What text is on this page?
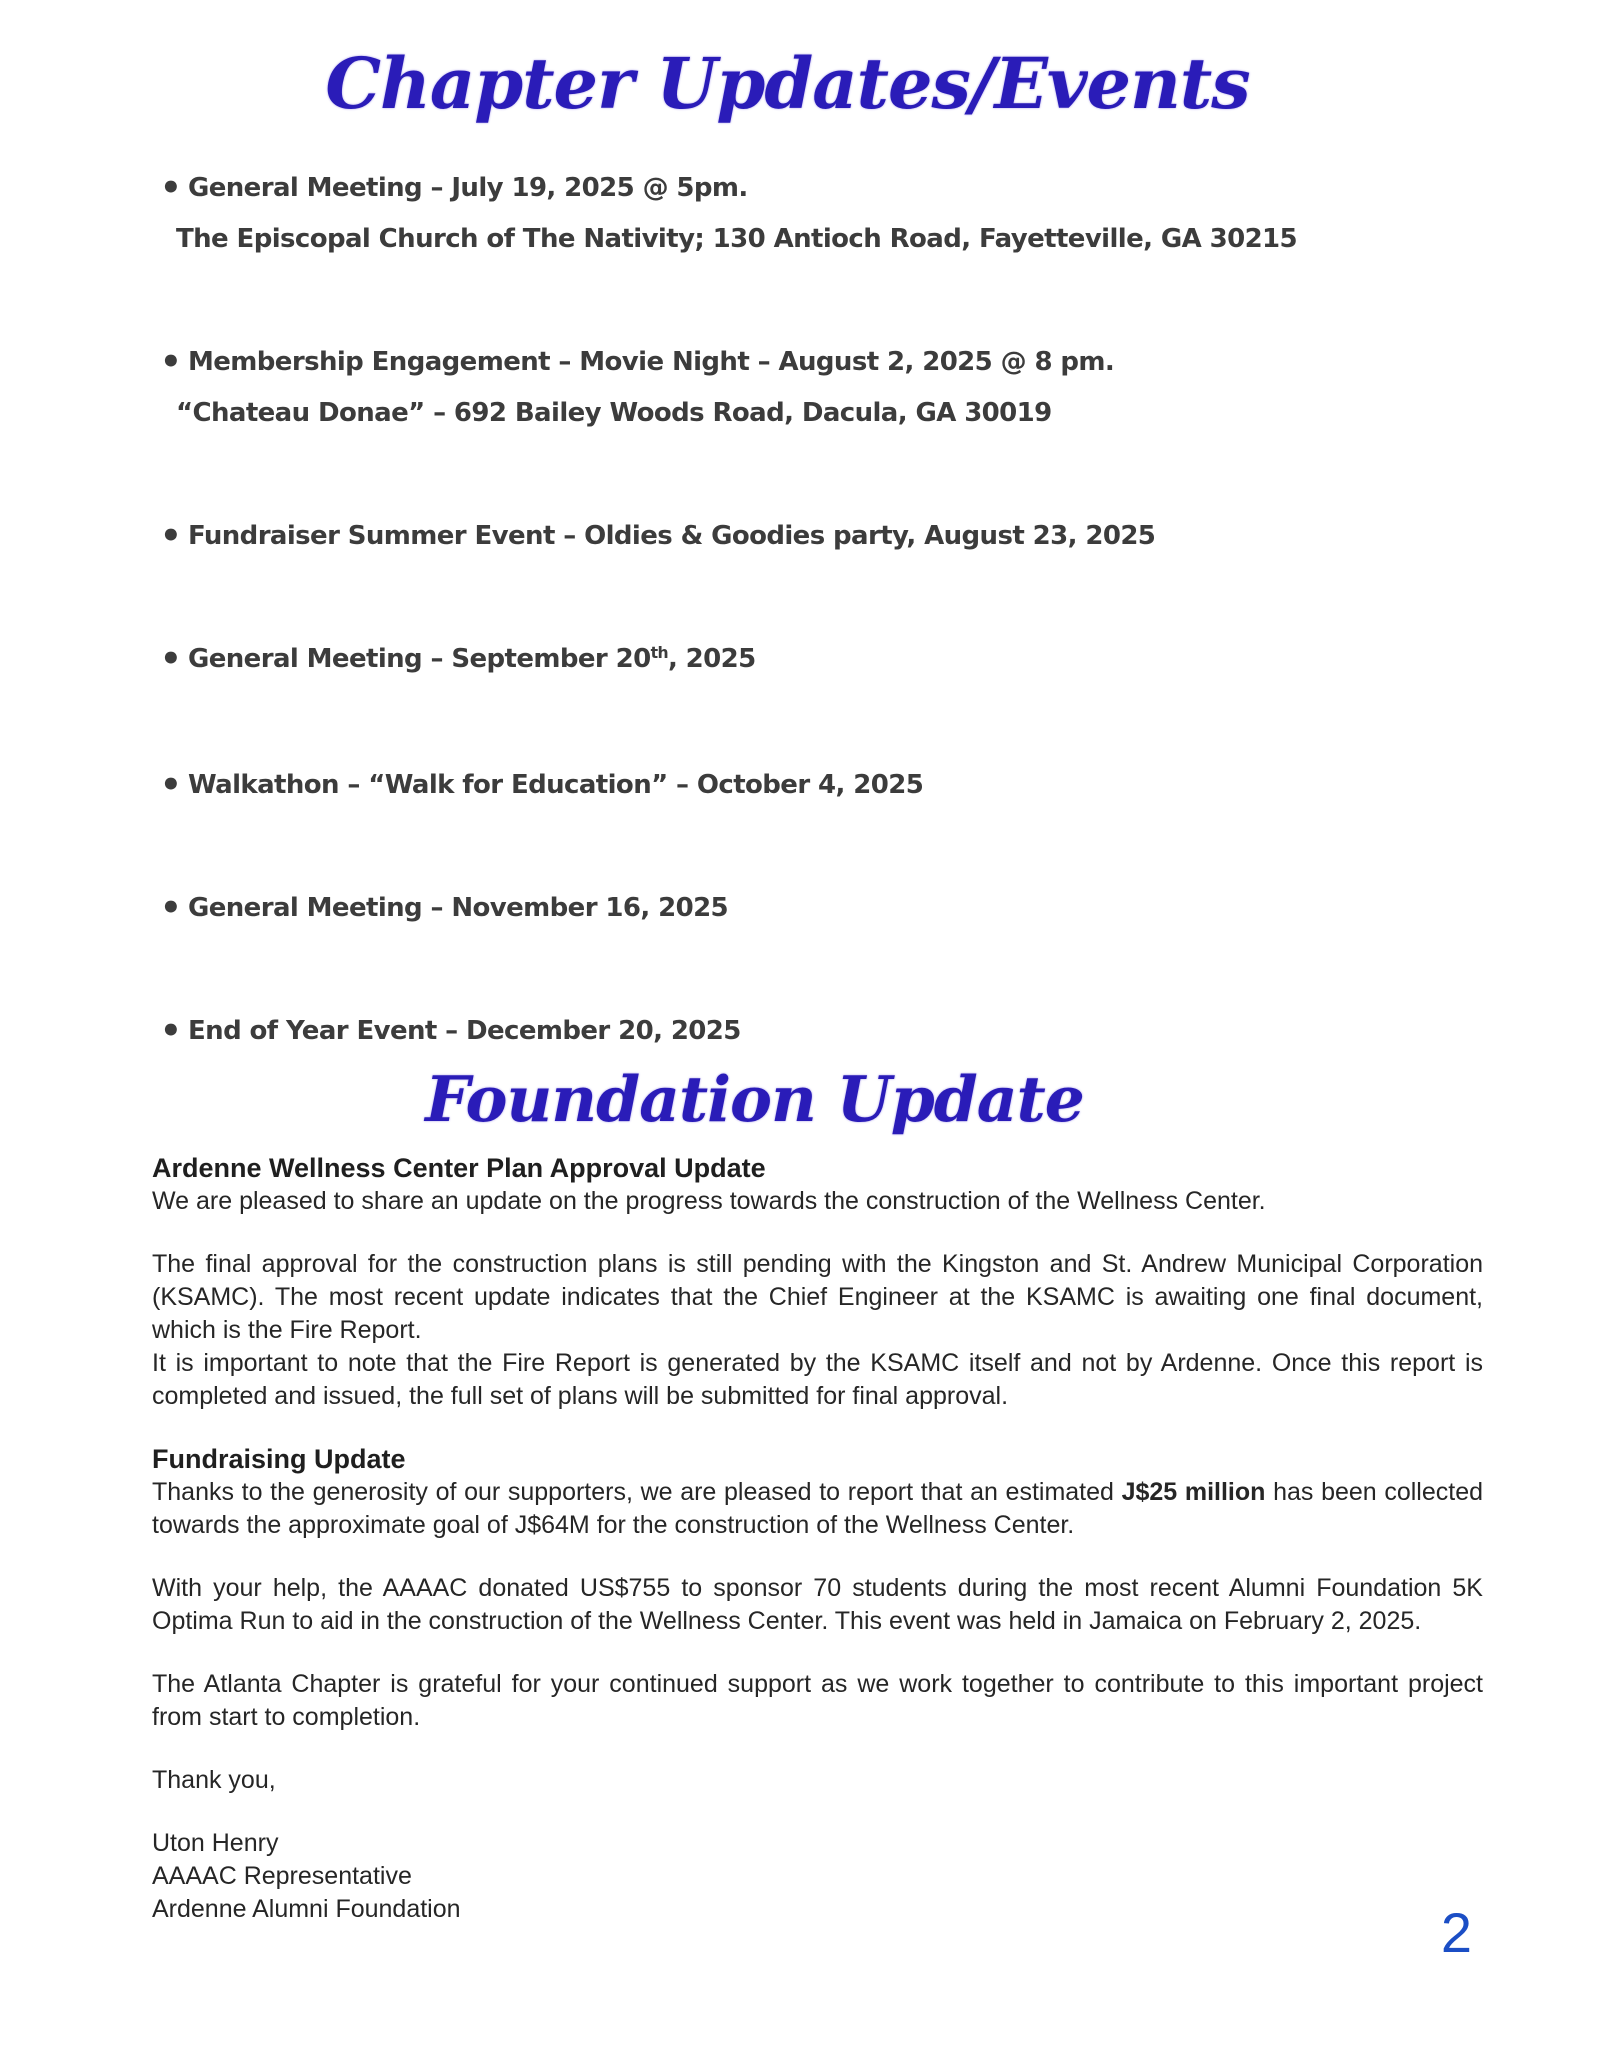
Chapter Updates/Events
• General Meeting – July 19, 2025 @ 5pm.
The Episcopal Church of The Nativity; 130 Antioch Road, Fayetteville, GA 30215
• Membership Engagement – Movie Night – August 2, 2025 @ 8 pm.
“Chateau Donae” – 692 Bailey Woods Road, Dacula, GA 30019
• Fundraiser Summer Event – Oldies & Goodies party, August 23, 2025
• General Meeting – September 20th, 2025
• Walkathon – “Walk for Education” – October 4, 2025
• General Meeting – November 16, 2025
• End of Year Event – December 20, 2025
Foundation Update
Ardenne Wellness Center Plan Approval Update

We are pleased to share an update on the progress towards the construction of the Wellness Center.

The final approval for the construction plans is still pending with the Kingston and St. Andrew Municipal Corporation (KSAMC). The most recent update indicates that the Chief Engineer at the KSAMC is awaiting one final document, which is the Fire Report.

It is important to note that the Fire Report is generated by the KSAMC itself and not by Ardenne. Once this report is completed and issued, the full set of plans will be submitted for final approval.

Fundraising Update

Thanks to the generosity of our supporters, we are pleased to report that an estimated J$25 million has been collected towards the approximate goal of J$64M for the construction of the Wellness Center.

With your help, the AAAAC donated US$755 to sponsor 70 students during the most recent Alumni Foundation 5K Optima Run to aid in the construction of the Wellness Center. This event was held in Jamaica on February 2, 2025.

The Atlanta Chapter is grateful for your continued support as we work together to contribute to this important project from start to completion.

Thank you,

Uton Henry

AAAAC Representative

Ardenne Alumni Foundation	2
